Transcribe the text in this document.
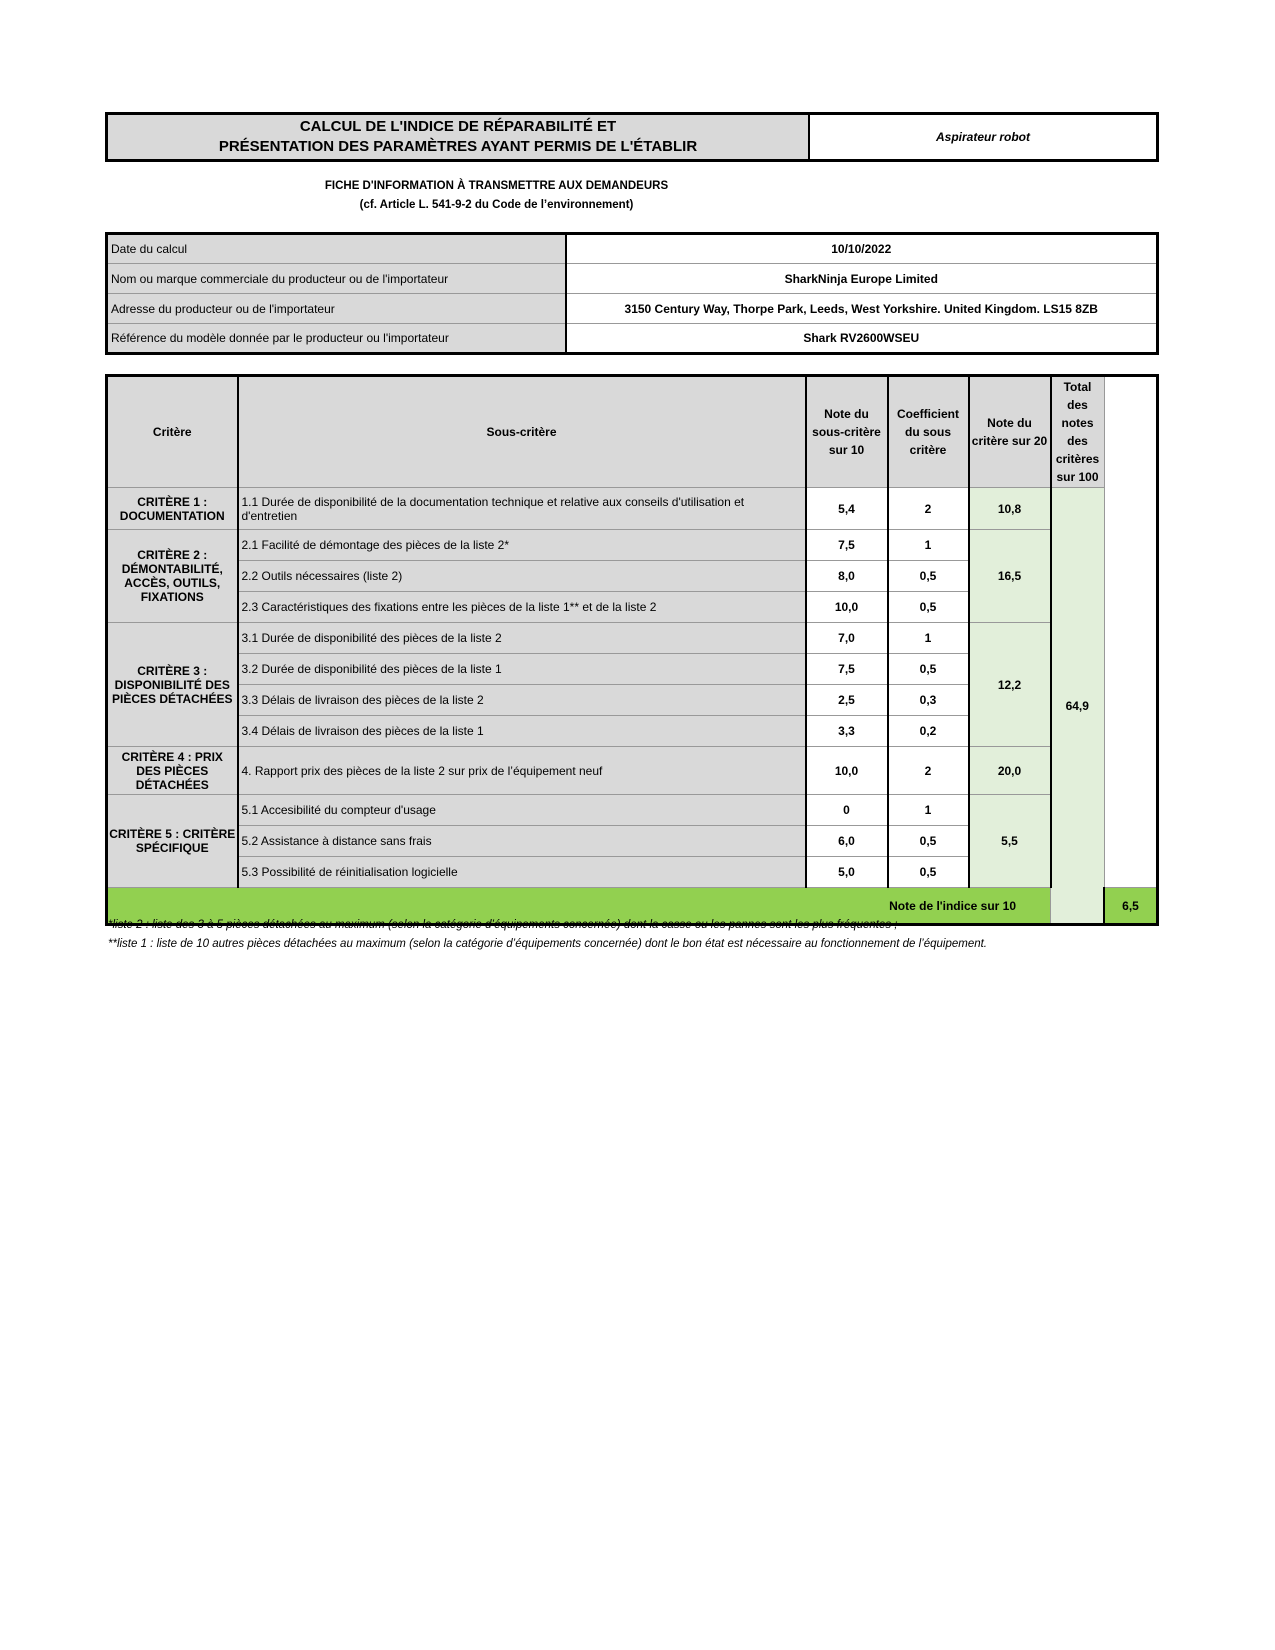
CALCUL DE L'INDICE DE RÉPARABILITÉ ET
PRÉSENTATION DES PARAMÈTRES AYANT PERMIS DE L'ÉTABLIR
Aspirateur robot
FICHE D'INFORMATION À TRANSMETTRE AUX DEMANDEURS
(cf. Article L. 541-9-2 du Code de l’environnement)
Date du calcul	10/10/2022
Nom ou marque commerciale du producteur ou de l'importateur	SharkNinja Europe Limited
Adresse du producteur ou de l'importateur	3150 Century Way, Thorpe Park, Leeds, West Yorkshire. United Kingdom. LS15 8ZB
Référence du modèle donnée par le producteur ou l'importateur	Shark RV2600WSEU
Critère	Sous-critère	Note du sous-critère sur 10	Coefficient du sous critère	Note du critère sur 20	Total des notes des critères sur 100	
CRITÈRE 1 : DOCUMENTATION	1.1 Durée de disponibilité de la documentation technique et relative aux conseils d'utilisation et d'entretien	5,4	2	10,8	64,9	
CRITÈRE 2 : DÉMONTABILITÉ, ACCÈS, OUTILS, FIXATIONS	2.1 Facilité de démontage des pièces de la liste 2*	7,5	1	16,5		
	2.2 Outils nécessaires (liste 2)	8,0	0,5			
	2.3 Caractéristiques des fixations entre les pièces de la liste 1** et de la liste 2	10,0	0,5			
CRITÈRE 3 : DISPONIBILITÉ DES PIÈCES DÉTACHÉES	3.1 Durée de disponibilité des pièces de la liste 2	7,0	1	12,2		
	3.2 Durée de disponibilité des pièces de la liste 1	7,5	0,5			
	3.3 Délais de livraison des pièces de la liste 2	2,5	0,3			
	3.4 Délais de livraison des pièces de la liste 1	3,3	0,2			
CRITÈRE 4 : PRIX DES PIÈCES DÉTACHÉES	4. Rapport prix des pièces de la liste 2 sur prix de l’équipement neuf	10,0	2	20,0		
CRITÈRE 5 : CRITÈRE SPÉCIFIQUE	5.1 Accesibilité du compteur d'usage	0	1	5,5		
	5.2 Assistance à distance sans frais	6,0	0,5			
	5.3 Possibilité de réinitialisation logicielle	5,0	0,5			
Note de l'indice sur 10						6,5
*liste 2 : liste des 3 à 5 pièces détachées au maximum (selon la catégorie d’équipements concernée) dont la casse ou les pannes sont les plus fréquentes ;
**liste 1 : liste de 10 autres pièces détachées au maximum (selon la catégorie d’équipements concernée) dont le bon état est nécessaire au fonctionnement de l’équipement.
